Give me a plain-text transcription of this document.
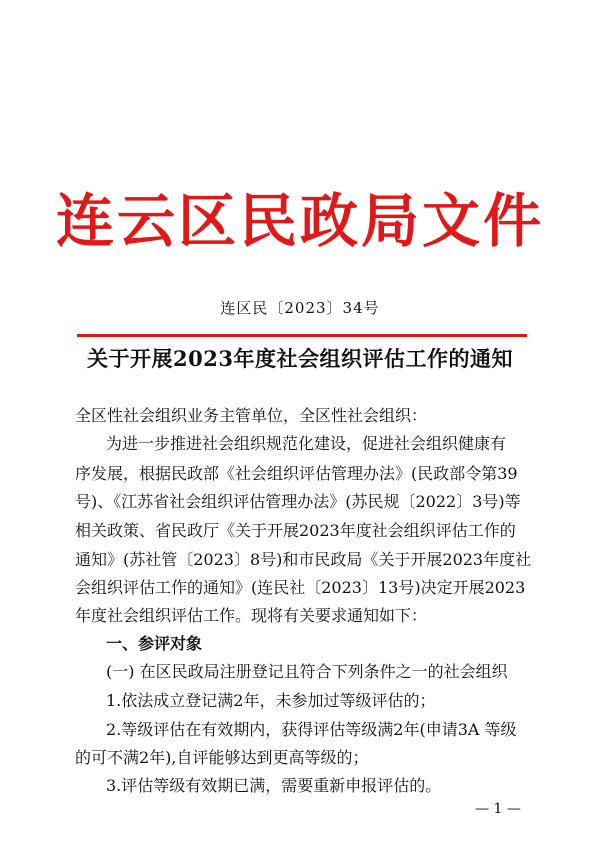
连云区民政局文件
连区民〔2023〕34号
关于开展2023年度社会组织评估工作的通知
全区性社会组织业务主管单位，全区性社会组织：
为进一步推进社会组织规范化建设，促进社会组织健康有
序发展，根据民政部《社会组织评估管理办法》(民政部令第39
号)、《江苏省社会组织评估管理办法》(苏民规〔2022〕3号)等
相关政策、省民政厅《关于开展2023年度社会组织评估工作的
通知》(苏社管〔2023〕8号)和市民政局《关于开展2023年度社
会组织评估工作的通知》(连民社〔2023〕13号)决定开展2023
年度社会组织评估工作。现将有关要求通知如下：
一、参评对象
(一) 在区民政局注册登记且符合下列条件之一的社会组织
1.依法成立登记满2年，未参加过等级评估的；
2.等级评估在有效期内，获得评估等级满2年(申请3A 等级
的可不满2年),自评能够达到更高等级的；
3.评估等级有效期已满，需要重新申报评估的。
— 1 —
